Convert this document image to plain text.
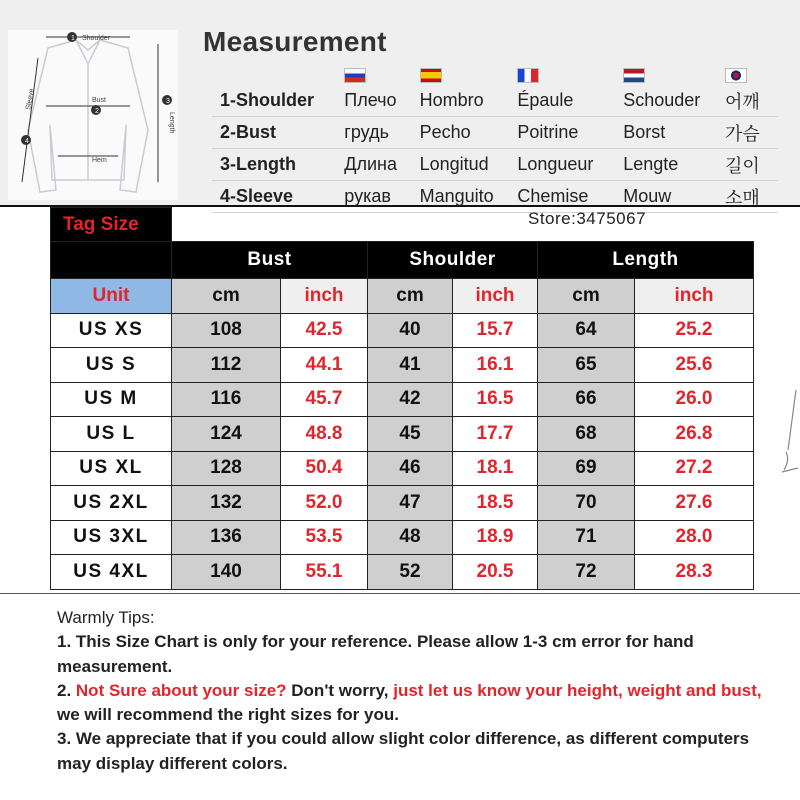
1
2
3
4
Shoulder
Bust
Hem
Sleeve
Length
Measurement

1-Shoulder	Плечо	Hombro	Épaule	Schouder	어깨
2-Bust	грудь	Pecho	Poitrine	Borst	가슴
3-Length	Длина	Longitud	Longueur	Lengte	길이
4-Sleeve	рукав	Manguito	Chemise	Mouw	소매
Store:3475067
Tag Size						
	Bust		Shoulder		Length	
Unit	cm	inch	cm	inch	cm	inch
US XS	108	42.5	40	15.7	64	25.2
US S	112	44.1	41	16.1	65	25.6
US M	116	45.7	42	16.5	66	26.0
US L	124	48.8	45	17.7	68	26.8
US XL	128	50.4	46	18.1	69	27.2
US 2XL	132	52.0	47	18.5	70	27.6
US 3XL	136	53.5	48	18.9	71	28.0
US 4XL	140	55.1	52	20.5	72	28.3

Warmly Tips:

1. This Size Chart is only for your reference. Please allow 1-3 cm error for hand measurement.

2. Not Sure about your size? Don't worry, just let us know your height, weight and bust, we will recommend the right sizes for you.

3. We appreciate that if you could allow slight color difference, as different computers may display different colors.
